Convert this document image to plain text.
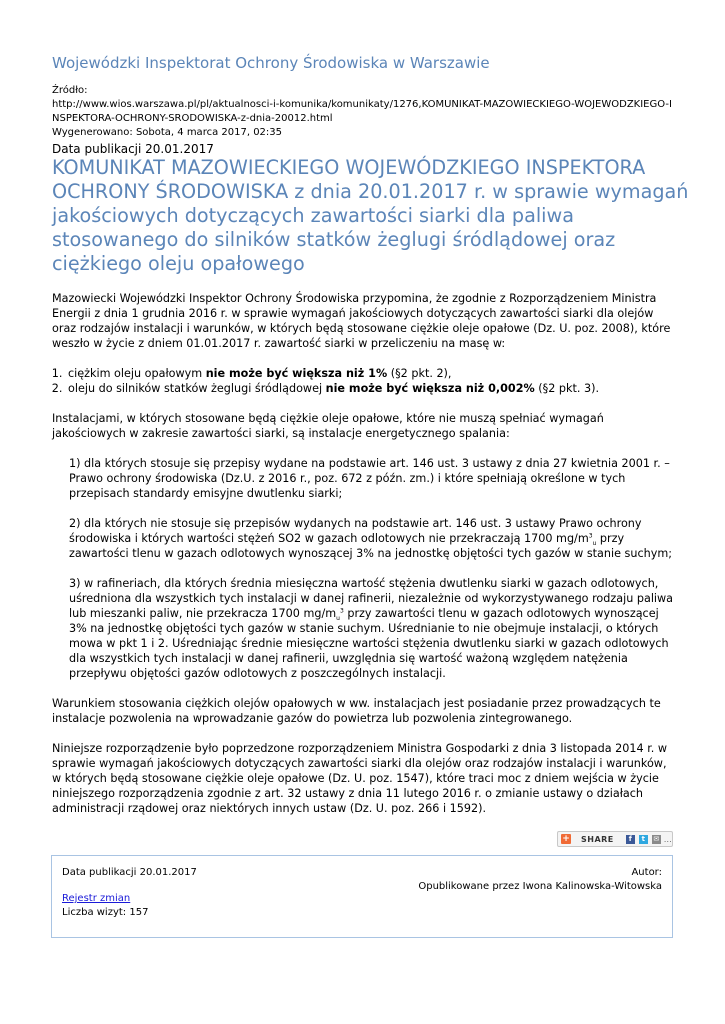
Wojewódzki Inspektorat Ochrony Środowiska w Warszawie
Źródło:
http://www.wios.warszawa.pl/pl/aktualnosci-i-komunika/komunikaty/1276,KOMUNIKAT-MAZOWIECKIEGO-WOJEWODZKIEGO-I
NSPEKTORA-OCHRONY-SRODOWISKA-z-dnia-20012.html
Wygenerowano: Sobota, 4 marca 2017, 02:35
Data publikacji 20.01.2017
KOMUNIKAT MAZOWIECKIEGO WOJEWÓDZKIEGO INSPEKTORA OCHRONY ŚRODOWISKA z dnia 20.01.2017 r. w sprawie wymagań jakościowych dotyczących zawartości siarki dla paliwa stosowanego do silników statków żeglugi śródlądowej oraz ciężkiego oleju opałowego

Mazowiecki Wojewódzki Inspektor Ochrony Środowiska przypomina, że zgodnie z Rozporządzeniem Ministra Energii z dnia 1 grudnia 2016 r. w sprawie wymagań jakościowych dotyczących zawartości siarki dla olejów oraz rodzajów instalacji i warunków, w których będą stosowane ciężkie oleje opałowe (Dz. U. poz. 2008), które weszło w życie z dniem 01.01.2017 r. zawartość siarki w przeliczeniu na masę w:

1. ciężkim oleju opałowym nie może być większa niż 1% (§2 pkt. 2),
2. oleju do silników statków żeglugi śródlądowej nie może być większa niż 0,002% (§2 pkt. 3).

Instalacjami, w których stosowane będą ciężkie oleje opałowe, które nie muszą spełniać wymagań jakościowych w zakresie zawartości siarki, są instalacje energetycznego spalania:

1) dla których stosuje się przepisy wydane na podstawie art. 146 ust. 3 ustawy z dnia 27 kwietnia 2001 r. – Prawo ochrony środowiska (Dz.U. z 2016 r., poz. 672 z późn. zm.) i które spełniają określone w tych przepisach standardy emisyjne dwutlenku siarki;

2) dla których nie stosuje się przepisów wydanych na podstawie art. 146 ust. 3 ustawy Prawo ochrony środowiska i których wartości stężeń SO2 w gazach odlotowych nie przekraczają 1700 $mg/m^3_u$ przy zawartości tlenu w gazach odlotowych wynoszącej 3% na jednostkę objętości tych gazów w stanie suchym;

3) w rafineriach, dla których średnia miesięczna wartość stężenia dwutlenku siarki w gazach odlotowych, uśredniona dla wszystkich tych instalacji w danej rafinerii, niezależnie od wykorzystywanego rodzaju paliwa lub mieszanki paliw, nie przekracza 1700 $mg/m_u^3$ przy zawartości tlenu w gazach odlotowych wynoszącej 3% na jednostkę objętości tych gazów w stanie suchym. Uśrednianie to nie obejmuje instalacji, o których mowa w pkt 1 i 2. Uśredniając średnie miesięczne wartości stężenia dwutlenku siarki w gazach odlotowych dla wszystkich tych instalacji w danej rafinerii, uwzględnia się wartość ważoną względem natężenia przepływu objętości gazów odlotowych z poszczególnych instalacji.

Warunkiem stosowania ciężkich olejów opałowych w ww. instalacjach jest posiadanie przez prowadzących te instalacje pozwolenia na wprowadzanie gazów do powietrza lub pozwolenia zintegrowanego.

Niniejsze rozporządzenie było poprzedzone rozporządzeniem Ministra Gospodarki z dnia 3 listopada 2014 r. w sprawie wymagań jakościowych dotyczących zawartości siarki dla olejów oraz rodzajów instalacji i warunków, w których będą stosowane ciężkie oleje opałowe (Dz. U. poz. 1547), które traci moc z dniem wejścia w życie niniejszego rozporządzenia zgodnie z art. 32 ustawy z dnia 11 lutego 2016 r. o zmianie ustawy o działach administracji rządowej oraz niektórych innych ustaw (Dz. U. poz. 266 i 1592).

+ SHARE	f	t	✉ …
Data publikacji 20.01.2017	Autor:
Opublikowane przez Iwona Kalinowska-Witowska
Rejestr zmian
Liczba wizyt: 157
